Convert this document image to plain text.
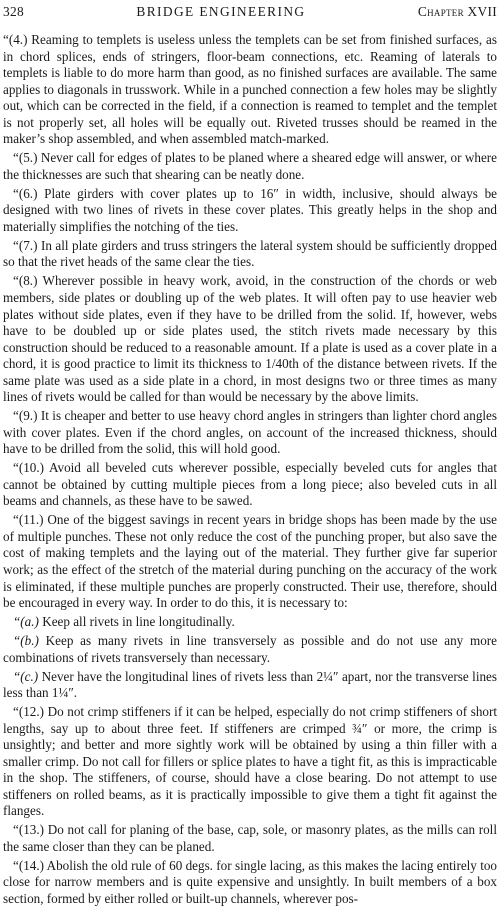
328	BRIDGE ENGINEERING	Chapter XVII

“(4.) Reaming to templets is useless unless the templets can be set from finished surfaces, as in chord splices, ends of stringers, floor-beam connections, etc. Reaming of laterals to templets is liable to do more harm than good, as no finished surfaces are available. The same applies to diagonals in trusswork. While in a punched connection a few holes may be slightly out, which can be corrected in the field, if a connection is reamed to templet and the templet is not properly set, all holes will be equally out. Riveted trusses should be reamed in the maker’s shop assembled, and when assembled match-marked.

“(5.) Never call for edges of plates to be planed where a sheared edge will answer, or where the thicknesses are such that shearing can be neatly done.

“(6.) Plate girders with cover plates up to 16″ in width, inclusive, should always be designed with two lines of rivets in these cover plates. This greatly helps in the shop and materially simplifies the notching of the ties.

“(7.) In all plate girders and truss stringers the lateral system should be sufficiently dropped so that the rivet heads of the same clear the ties.

“(8.) Wherever possible in heavy work, avoid, in the construction of the chords or web members, side plates or doubling up of the web plates. It will often pay to use heavier web plates without side plates, even if they have to be drilled from the solid. If, however, webs have to be doubled up or side plates used, the stitch rivets made necessary by this construction should be reduced to a reasonable amount. If a plate is used as a cover plate in a chord, it is good practice to limit its thickness to 1/40th of the distance between rivets. If the same plate was used as a side plate in a chord, in most designs two or three times as many lines of rivets would be called for than would be necessary by the above limits.

“(9.) It is cheaper and better to use heavy chord angles in stringers than lighter chord angles with cover plates. Even if the chord angles, on account of the increased thickness, should have to be drilled from the solid, this will hold good.

“(10.) Avoid all beveled cuts wherever possible, especially beveled cuts for angles that cannot be obtained by cutting multiple pieces from a long piece; also beveled cuts in all beams and channels, as these have to be sawed.

“(11.) One of the biggest savings in recent years in bridge shops has been made by the use of multiple punches. These not only reduce the cost of the punching proper, but also save the cost of making templets and the laying out of the material. They further give far superior work; as the effect of the stretch of the material during punching on the accuracy of the work is eliminated, if these multiple punches are properly constructed. Their use, therefore, should be encouraged in every way. In order to do this, it is necessary to:

“(a.) Keep all rivets in line longitudinally.

“(b.) Keep as many rivets in line transversely as possible and do not use any more combinations of rivets transversely than necessary.

“(c.) Never have the longitudinal lines of rivets less than 2¼″ apart, nor the transverse lines less than 1¼″.

“(12.) Do not crimp stiffeners if it can be helped, especially do not crimp stiffeners of short lengths, say up to about three feet. If stiffeners are crimped ¾″ or more, the crimp is unsightly; and better and more sightly work will be obtained by using a thin filler with a smaller crimp. Do not call for fillers or splice plates to have a tight fit, as this is impracticable in the shop. The stiffeners, of course, should have a close bearing. Do not attempt to use stiffeners on rolled beams, as it is practically impossible to give them a tight fit against the flanges.

“(13.) Do not call for planing of the base, cap, sole, or masonry plates, as the mills can roll the same closer than they can be planed.

“(14.) Abolish the old rule of 60 degs. for single lacing, as this makes the lacing entirely too close for narrow members and is quite expensive and unsightly. In built members of a box section, formed by either rolled or built-up channels, wherever pos-
